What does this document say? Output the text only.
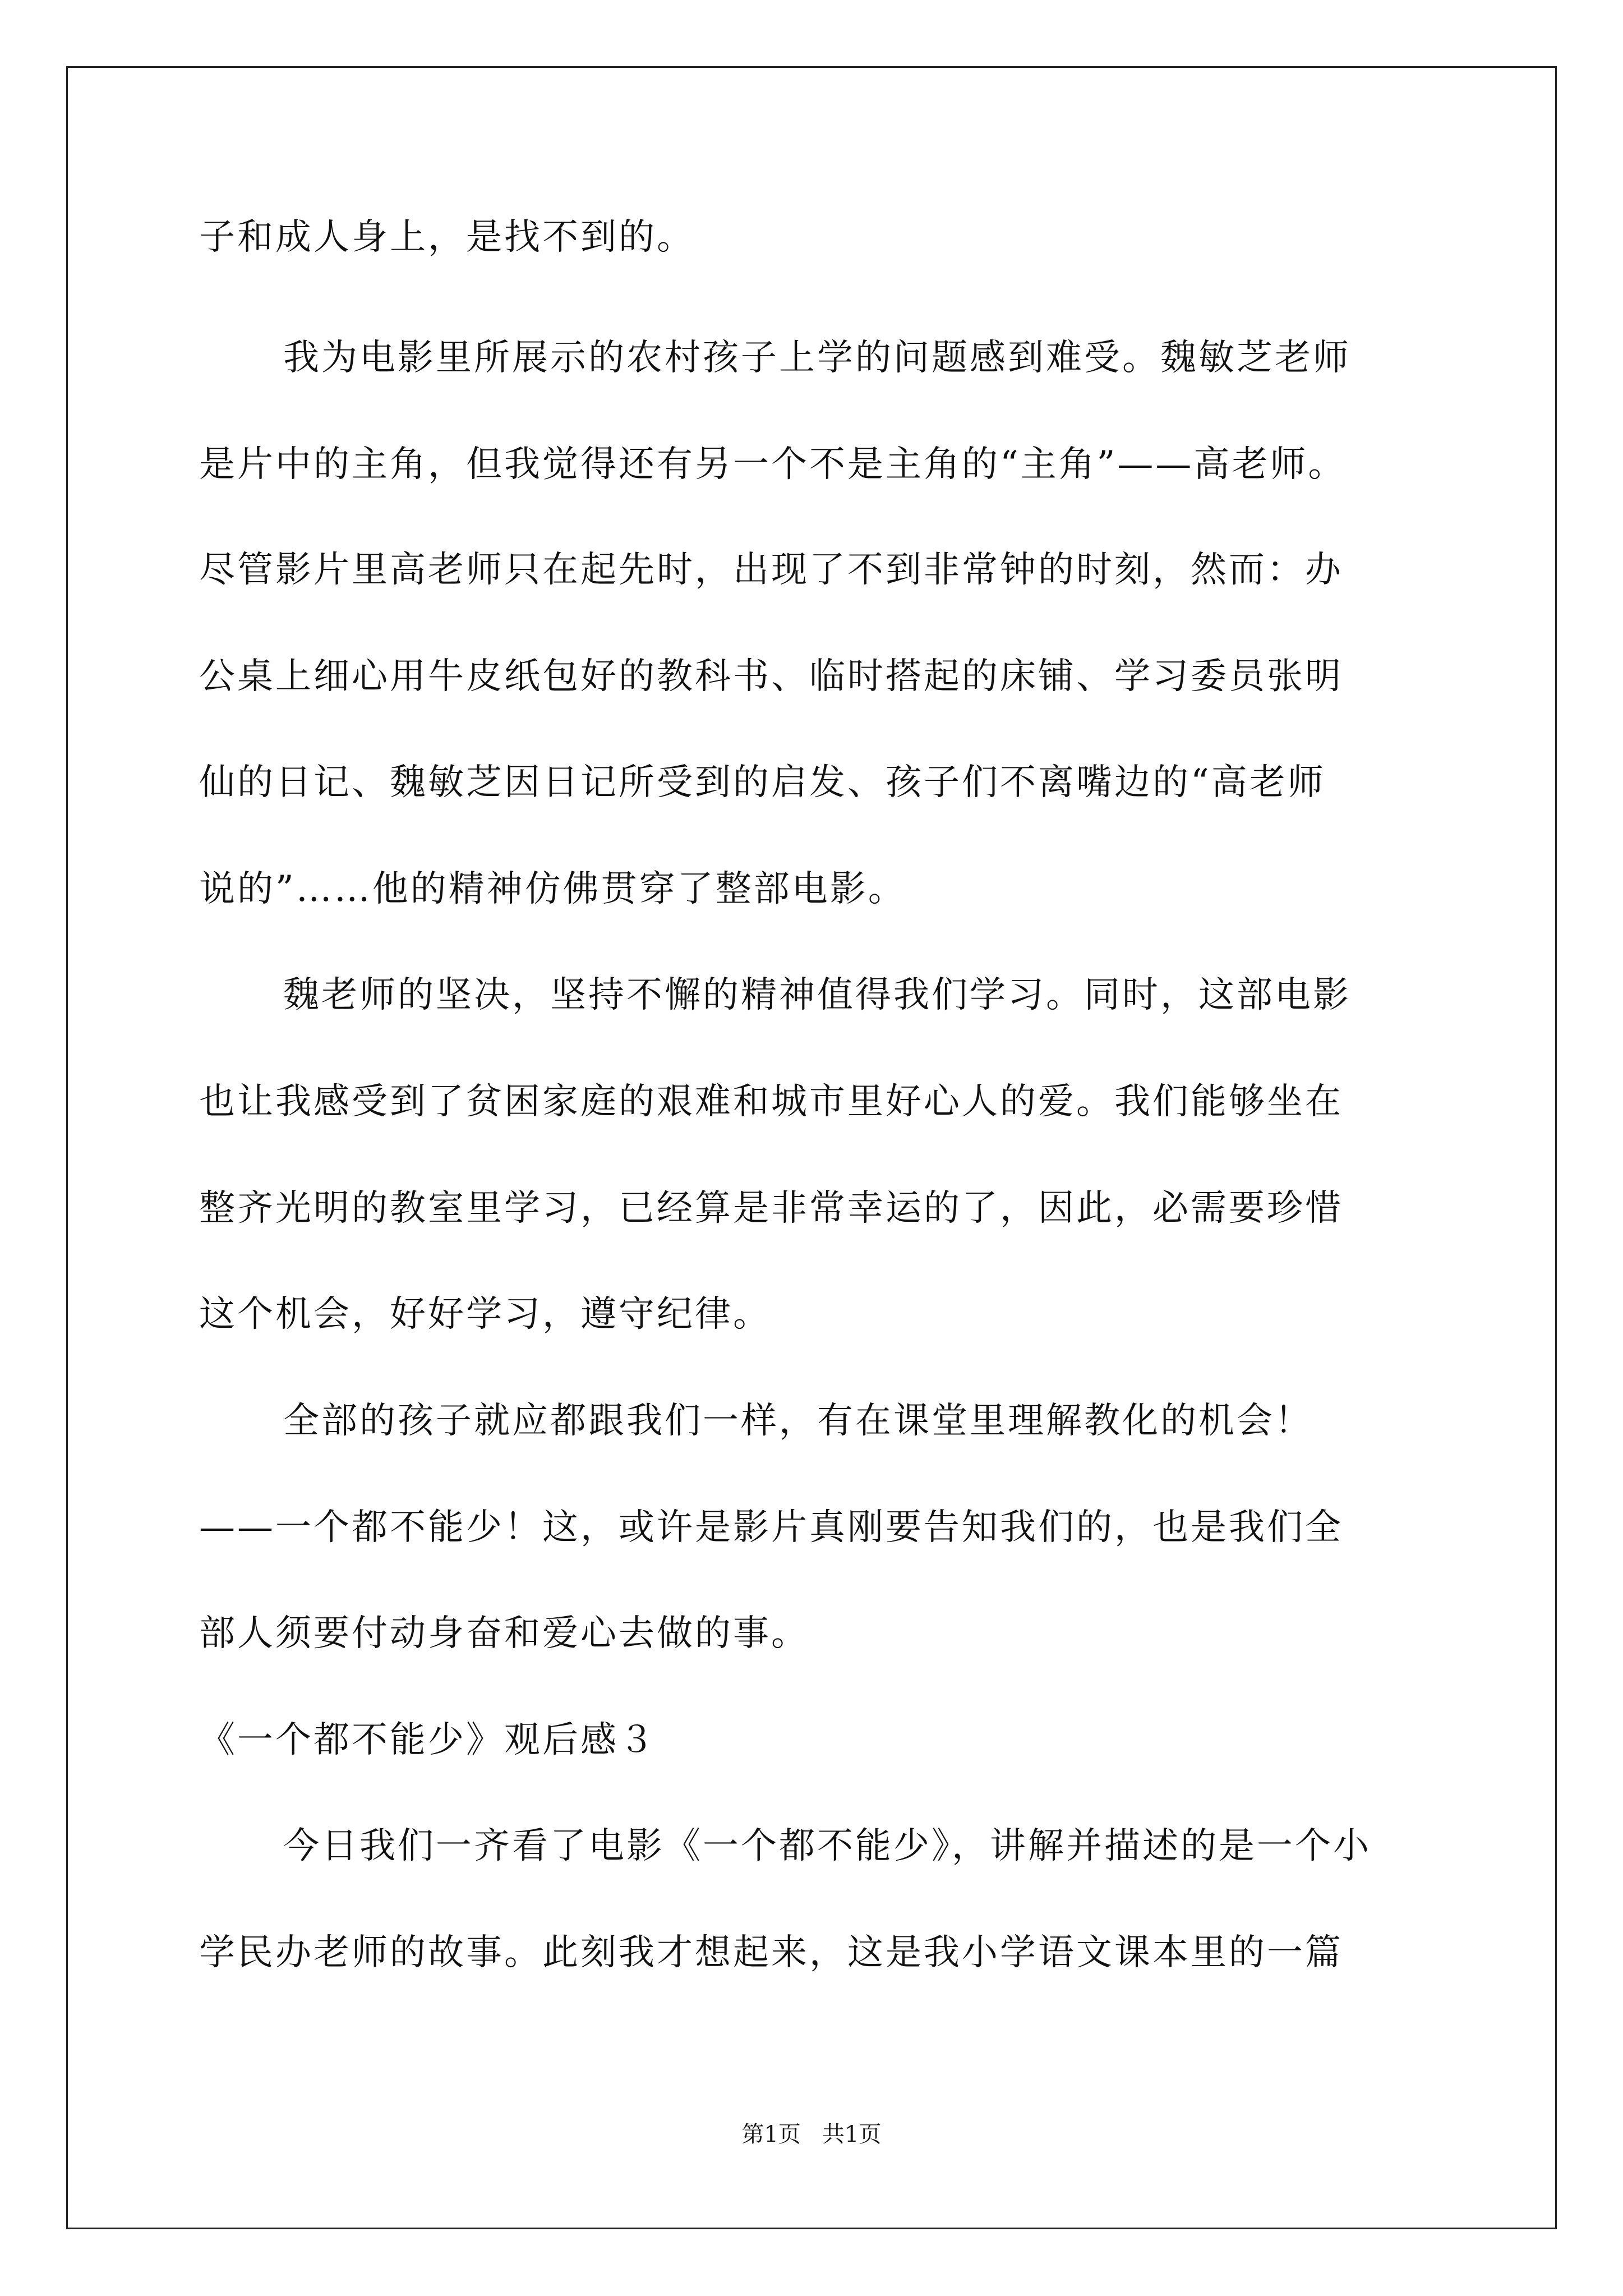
子和成人身上，是找不到的。
我为电影里所展示的农村孩子上学的问题感到难受。魏敏芝老师
是片中的主角，但我觉得还有另一个不是主角的“主角”——高老师。
尽管影片里高老师只在起先时，出现了不到非常钟的时刻，然而：办
公桌上细心用牛皮纸包好的教科书、临时搭起的床铺、学习委员张明
仙的日记、魏敏芝因日记所受到的启发、孩子们不离嘴边的“高老师
说的”……他的精神仿佛贯穿了整部电影。
魏老师的坚决，坚持不懈的精神值得我们学习。同时，这部电影
也让我感受到了贫困家庭的艰难和城市里好心人的爱。我们能够坐在
整齐光明的教室里学习，已经算是非常幸运的了，因此，必需要珍惜
这个机会，好好学习，遵守纪律。
全部的孩子就应都跟我们一样，有在课堂里理解教化的机会！
——一个都不能少！这，或许是影片真刚要告知我们的，也是我们全
部人须要付动身奋和爱心去做的事。
《一个都不能少》观后感３
今日我们一齐看了电影《一个都不能少》，讲解并描述的是一个小
学民办老师的故事。此刻我才想起来，这是我小学语文课本里的一篇
第1页   共1页
